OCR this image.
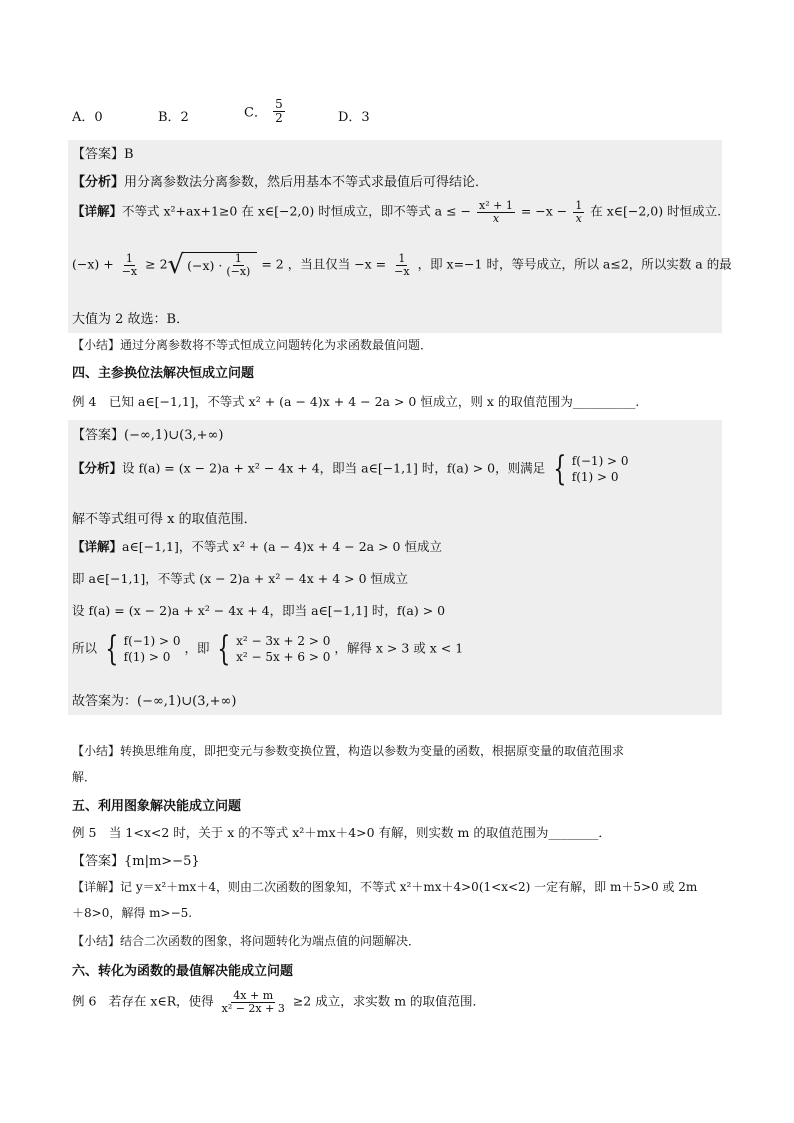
A．0	B．2	C． $\frac{5}{2}$	D．3
【答案】B
【分析】用分离参数法分离参数，然后用基本不等式求最值后可得结论．
【详解】不等式 x²+ax+1≥0 在 x∈[−2,0) 时恒成立，即不等式 a ≤ − $\frac{\text{x² + 1}}{x} = -x - \frac{1}{x}$ 在 x∈[−2,0) 时恒成立.
$(-x) + \frac{1}{-x} \ge 2$ √ $(-x) \cdot \frac{1}{(-x)} = 2$ ，当且仅当 $-x = \frac{1}{-x}$ ，即 x=−1 时，等号成立，所以 a≤2，所以实数 a 的最
大值为 2 故选：B．
【小结】通过分离参数将不等式恒成立问题转化为求函数最值问题．
四、主参换位法解决恒成立问题
例 4　已知 a∈[−1,1]，不等式 x² + (a − 4)x + 4 − 2a > 0 恒成立，则 x 的取值范围为__________.
【答案】(−∞,1)∪(3,+∞)
【分析】设 f(a) = (x − 2)a + x² − 4x + 4，即当 a∈[−1,1] 时，f(a) > 0，则满足 { f(−1) > 0
f(1) > 0
解不等式组可得 x 的取值范围．
【详解】a∈[−1,1]，不等式 x² + (a − 4)x + 4 − 2a > 0 恒成立
即 a∈[−1,1]，不等式 (x − 2)a + x² − 4x + 4 > 0 恒成立
设 f(a) = (x − 2)a + x² − 4x + 4，即当 a∈[−1,1] 时，f(a) > 0
所以 { f(−1) > 0
f(1) > 0
，即 { x² − 3x + 2 > 0
x² − 5x + 6 > 0
，解得 x > 3 或 x < 1
故答案为：(−∞,1)∪(3,+∞)
【小结】转换思维角度，即把变元与参数变换位置，构造以参数为变量的函数，根据原变量的取值范围求
解．
五、利用图象解决能成立问题
例 5　当 1<x<2 时，关于 x 的不等式 x²＋mx＋4>0 有解，则实数 m 的取值范围为________．
【答案】{m|m>−5}
【详解】记 y＝x²＋mx＋4，则由二次函数的图象知，不等式 x²＋mx＋4>0(1<x<2) 一定有解，即 m＋5>0 或 2m
＋8>0，解得 m>−5.
【小结】结合二次函数的图象，将问题转化为端点值的问题解决．
六、转化为函数的最值解决能成立问题
例 6　若存在 x∈R，使得 $\frac{4x + m}{\text{x² − 2x + 3}} \ge 2$ 成立，求实数 m 的取值范围．
